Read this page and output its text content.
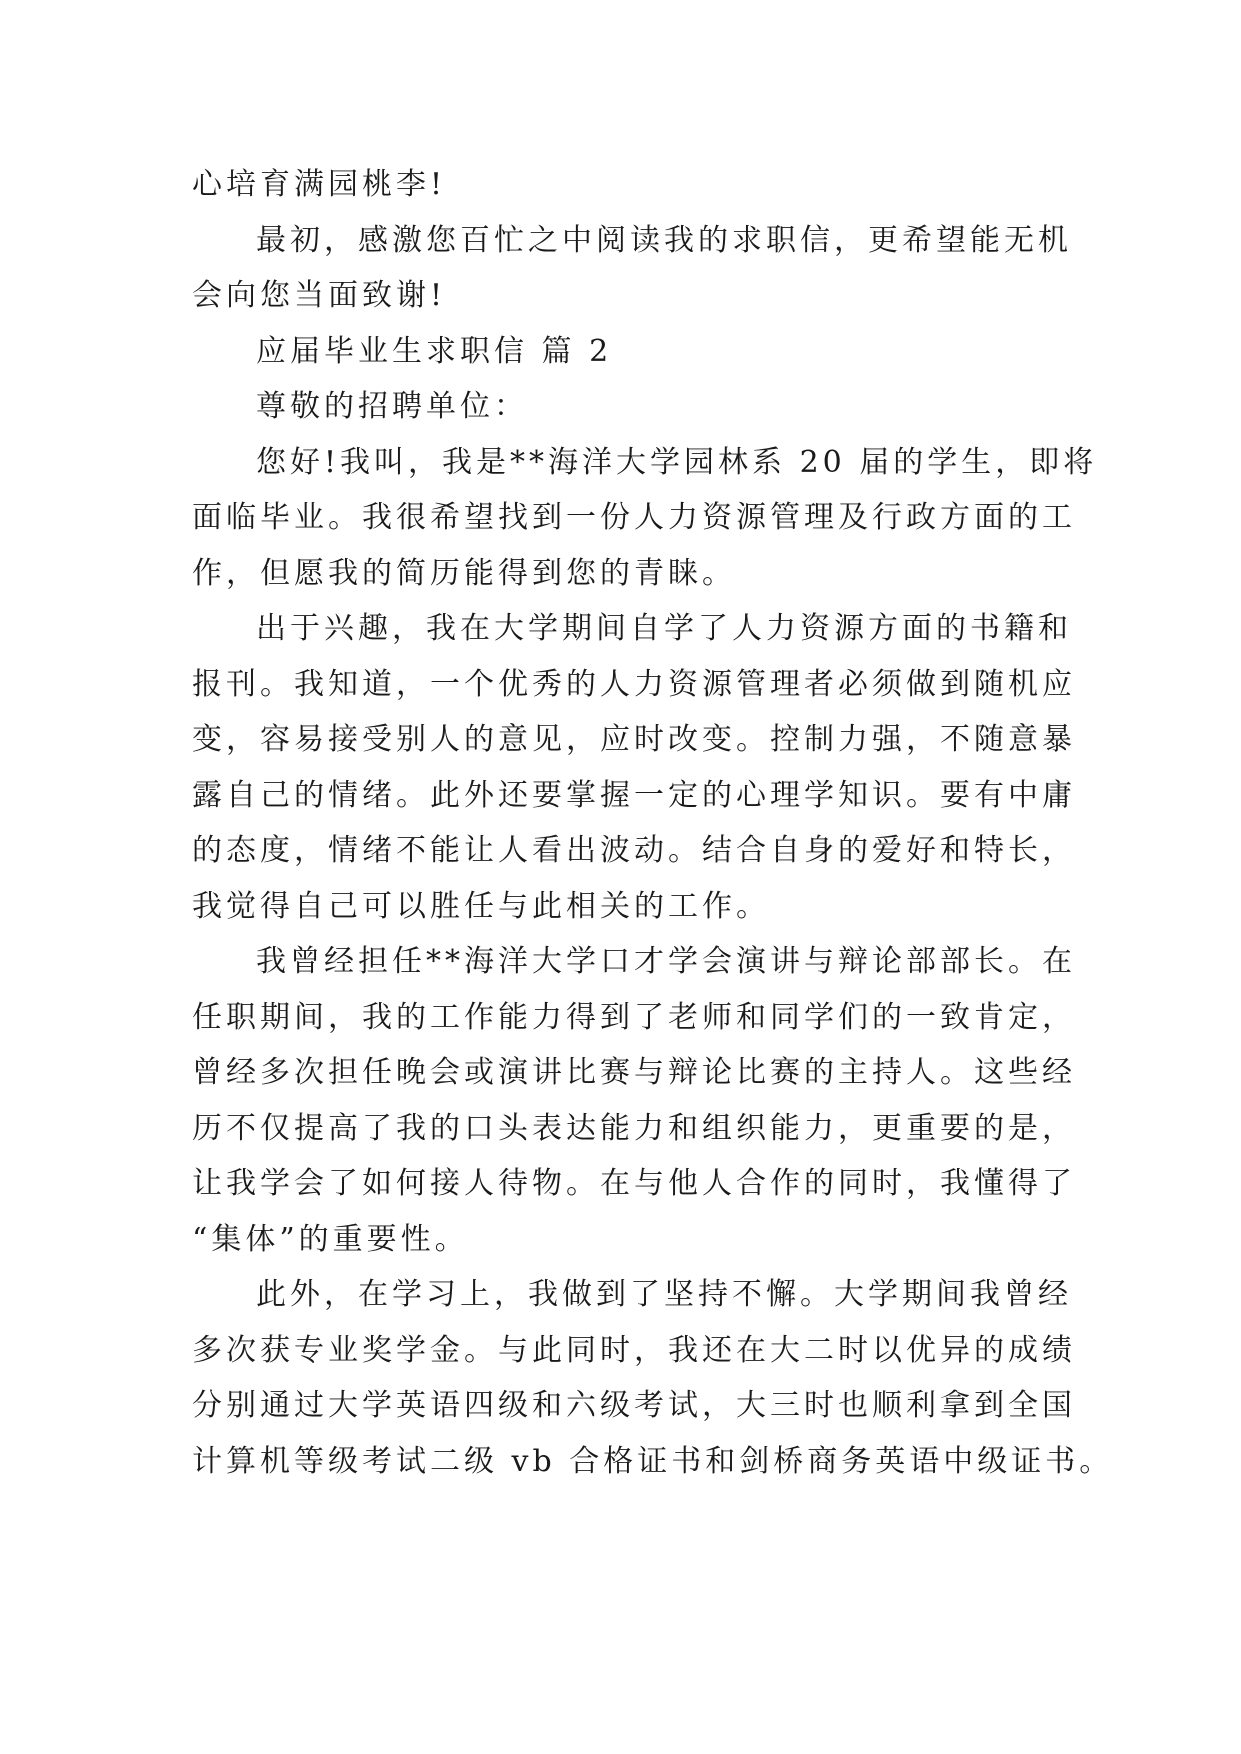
心培育满园桃李!
最初，感激您百忙之中阅读我的求职信，更希望能无机
会向您当面致谢!
应届毕业生求职信 篇 2
尊敬的招聘单位：
您好!我叫，我是**海洋大学园林系 20 届的学生，即将
面临毕业。我很希望找到一份人力资源管理及行政方面的工
作，但愿我的简历能得到您的青睐。
出于兴趣，我在大学期间自学了人力资源方面的书籍和
报刊。我知道，一个优秀的人力资源管理者必须做到随机应
变，容易接受别人的意见，应时改变。控制力强，不随意暴
露自己的情绪。此外还要掌握一定的心理学知识。要有中庸
的态度，情绪不能让人看出波动。结合自身的爱好和特长，
我觉得自己可以胜任与此相关的工作。
我曾经担任**海洋大学口才学会演讲与辩论部部长。在
任职期间，我的工作能力得到了老师和同学们的一致肯定，
曾经多次担任晚会或演讲比赛与辩论比赛的主持人。这些经
历不仅提高了我的口头表达能力和组织能力，更重要的是，
让我学会了如何接人待物。在与他人合作的同时，我懂得了
“集体”的重要性。
此外，在学习上，我做到了坚持不懈。大学期间我曾经
多次获专业奖学金。与此同时，我还在大二时以优异的成绩
分别通过大学英语四级和六级考试，大三时也顺利拿到全国
计算机等级考试二级 vb 合格证书和剑桥商务英语中级证书。
